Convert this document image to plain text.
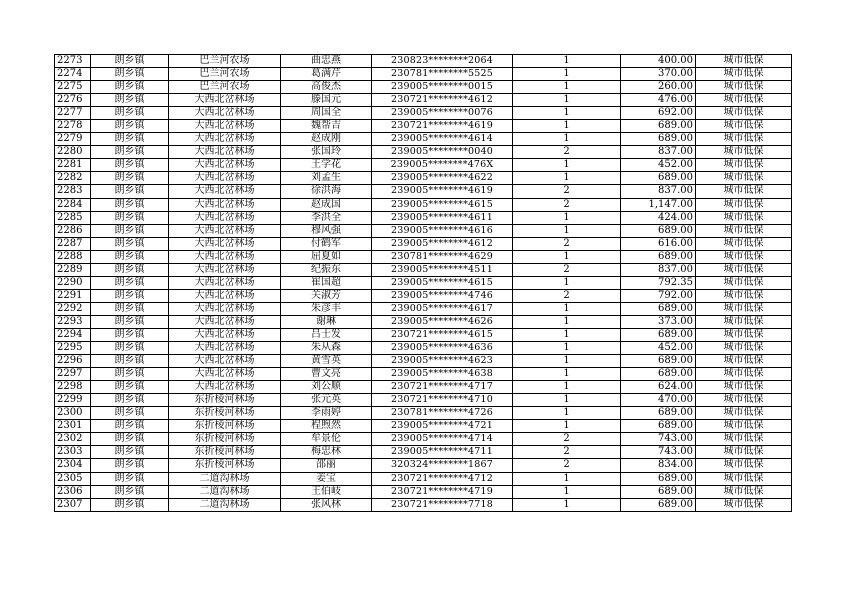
2273	朗乡镇	巴兰河农场	曲忠燕	230823********2064	1	400.00	城市低保
2274	朗乡镇	巴兰河农场	葛满芹	230781********5525	1	370.00	城市低保
2275	朗乡镇	巴兰河农场	高俊杰	239005********0015	1	260.00	城市低保
2276	朗乡镇	大西北岔林场	滕国元	230721********4612	1	476.00	城市低保
2277	朗乡镇	大西北岔林场	周国全	239005********0076	1	692.00	城市低保
2278	朗乡镇	大西北岔林场	魏帮吉	230721********4619	1	689.00	城市低保
2279	朗乡镇	大西北岔林场	赵成刚	239005********4614	1	689.00	城市低保
2280	朗乡镇	大西北岔林场	张国玲	239005********0040	2	837.00	城市低保
2281	朗乡镇	大西北岔林场	王学花	239005********476X	1	452.00	城市低保
2282	朗乡镇	大西北岔林场	刘孟生	239005********4622	1	689.00	城市低保
2283	朗乡镇	大西北岔林场	徐洪海	239005********4619	2	837.00	城市低保
2284	朗乡镇	大西北岔林场	赵成国	239005********4615	2	1,147.00	城市低保
2285	朗乡镇	大西北岔林场	李洪全	239005********4611	1	424.00	城市低保
2286	朗乡镇	大西北岔林场	穆风强	239005********4616	1	689.00	城市低保
2287	朗乡镇	大西北岔林场	付鹤军	239005********4612	2	616.00	城市低保
2288	朗乡镇	大西北岔林场	屈夏如	230781********4629	1	689.00	城市低保
2289	朗乡镇	大西北岔林场	纪振东	239005********4511	2	837.00	城市低保
2290	朗乡镇	大西北岔林场	崔国超	239005********4615	1	792.35	城市低保
2291	朗乡镇	大西北岔林场	关淑芳	239005********4746	2	792.00	城市低保
2292	朗乡镇	大西北岔林场	朱彦丰	239005********4617	1	689.00	城市低保
2293	朗乡镇	大西北岔林场	谢琳	239005********4626	1	373.00	城市低保
2294	朗乡镇	大西北岔林场	吕士发	230721********4615	1	689.00	城市低保
2295	朗乡镇	大西北岔林场	朱从森	239005********4636	1	452.00	城市低保
2296	朗乡镇	大西北岔林场	黄雪英	239005********4623	1	689.00	城市低保
2297	朗乡镇	大西北岔林场	曹文亮	239005********4638	1	689.00	城市低保
2298	朗乡镇	大西北岔林场	刘公顺	230721********4717	1	624.00	城市低保
2299	朗乡镇	东折棱河林场	张元英	230721********4710	1	470.00	城市低保
2300	朗乡镇	东折棱河林场	李雨婷	230781********4726	1	689.00	城市低保
2301	朗乡镇	东折棱河林场	程煦然	239005********4721	1	689.00	城市低保
2302	朗乡镇	东折棱河林场	牟景伦	239005********4714	2	743.00	城市低保
2303	朗乡镇	东折棱河林场	梅忠林	239005********4711	2	743.00	城市低保
2304	朗乡镇	东折棱河林场	邵丽	320324********1867	2	834.00	城市低保
2305	朗乡镇	二道沟林场	姜宝	230721********4712	1	689.00	城市低保
2306	朗乡镇	二道沟林场	王伯岐	230721********4719	1	689.00	城市低保
2307	朗乡镇	二道沟林场	张风林	230721********7718	1	689.00	城市低保
